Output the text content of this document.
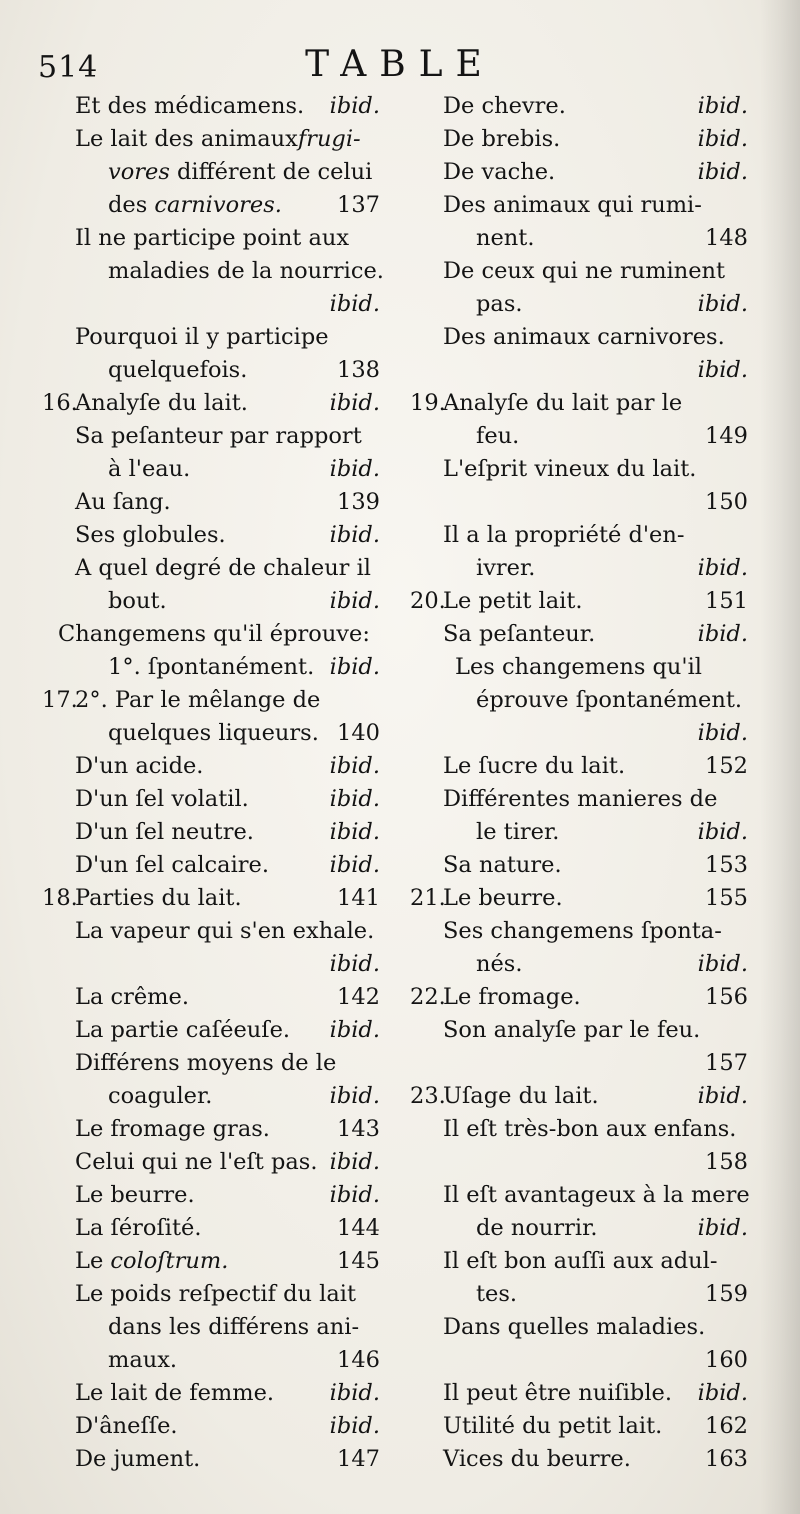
514	TABLE
Et des médicamens. ibid.
Le lait des animauxfrugi-
vores différent de celui
des carnivores. 137
Il ne participe point aux
maladies de la nourrice.
ibid.
Pourquoi il y participe
quelquefois.	138
16.
Analyſe du lait.	ibid.
Sa peſanteur par rapport
à l'eau.	ibid.
Au ſang.	139
Ses globules.	ibid.
A quel degré de chaleur il
bout.	ibid.
Changemens qu'il éprouve:
1°. ſpontanément. ibid.
17.
2°. Par le mêlange de
quelques liqueurs. 140
D'un acide.	ibid.
D'un ſel volatil.	ibid.
D'un ſel neutre.	ibid.
D'un ſel calcaire.	ibid.
18.
Parties du lait.	141
La vapeur qui s'en exhale.
ibid.
La crême.	142
La partie caſéeuſe. ibid.
Différens moyens de le
coaguler.	ibid.
Le fromage gras.	143
Celui qui ne l'eſt pas. ibid.
Le beurre.	ibid.
La ſéroſité.	144
Le coloſtrum.	145
Le poids reſpectif du lait
dans les différens ani-
maux.	146
Le lait de femme. ibid.
D'âneſſe.	ibid.
De jument.	147
De chevre.	ibid.
De brebis.	ibid.
De vache.	ibid.
Des animaux qui rumi-
nent.	148
De ceux qui ne ruminent
pas.	ibid.
Des animaux carnivores.
ibid.
19.
Analyſe du lait par le
feu.	149
L'eſprit vineux du lait.
150
Il a la propriété d'en-
ivrer.	ibid.
20.
Le petit lait.	151
Sa peſanteur.	ibid.
Les changemens qu'il
éprouve ſpontanément.
ibid.
Le ſucre du lait.	152
Différentes manieres de
le tirer.	ibid.
Sa nature.	153
21.
Le beurre.	155
Ses changemens ſponta-
nés.	ibid.
22.
Le fromage.	156
Son analyſe par le feu.
157
23.
Uſage du lait.	ibid.
Il eſt très-bon aux enfans.
158
Il eſt avantageux à la mere
de nourrir.	ibid.
Il eſt bon auſſi aux adul-
tes.	159
Dans quelles maladies.
160
Il peut être nuiſible. ibid.
Utilité du petit lait. 162
Vices du beurre.	163
